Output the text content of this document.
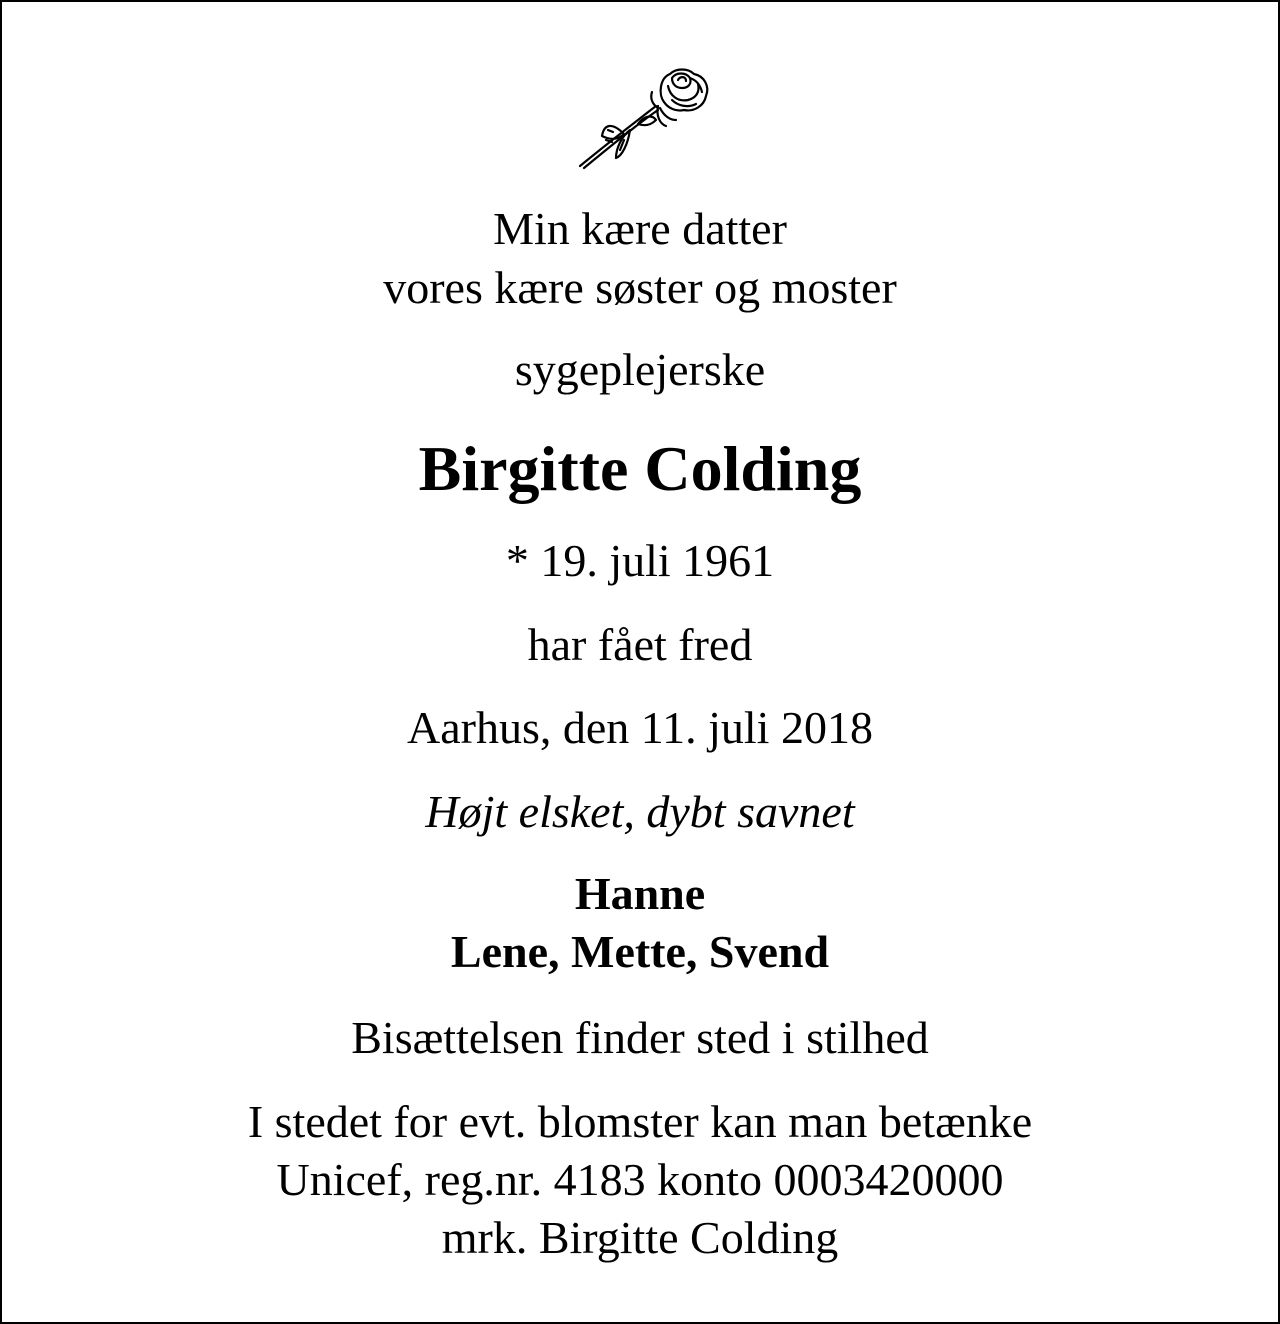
Min kære datter
vores kære søster og moster
sygeplejerske
Birgitte Colding
* 19. juli 1961
har fået fred
Aarhus, den 11. juli 2018
Højt elsket, dybt savnet
Hanne
Lene, Mette, Svend
Bisættelsen finder sted i stilhed
I stedet for evt. blomster kan man betænke
Unicef, reg.nr. 4183 konto 0003420000
mrk. Birgitte Colding
